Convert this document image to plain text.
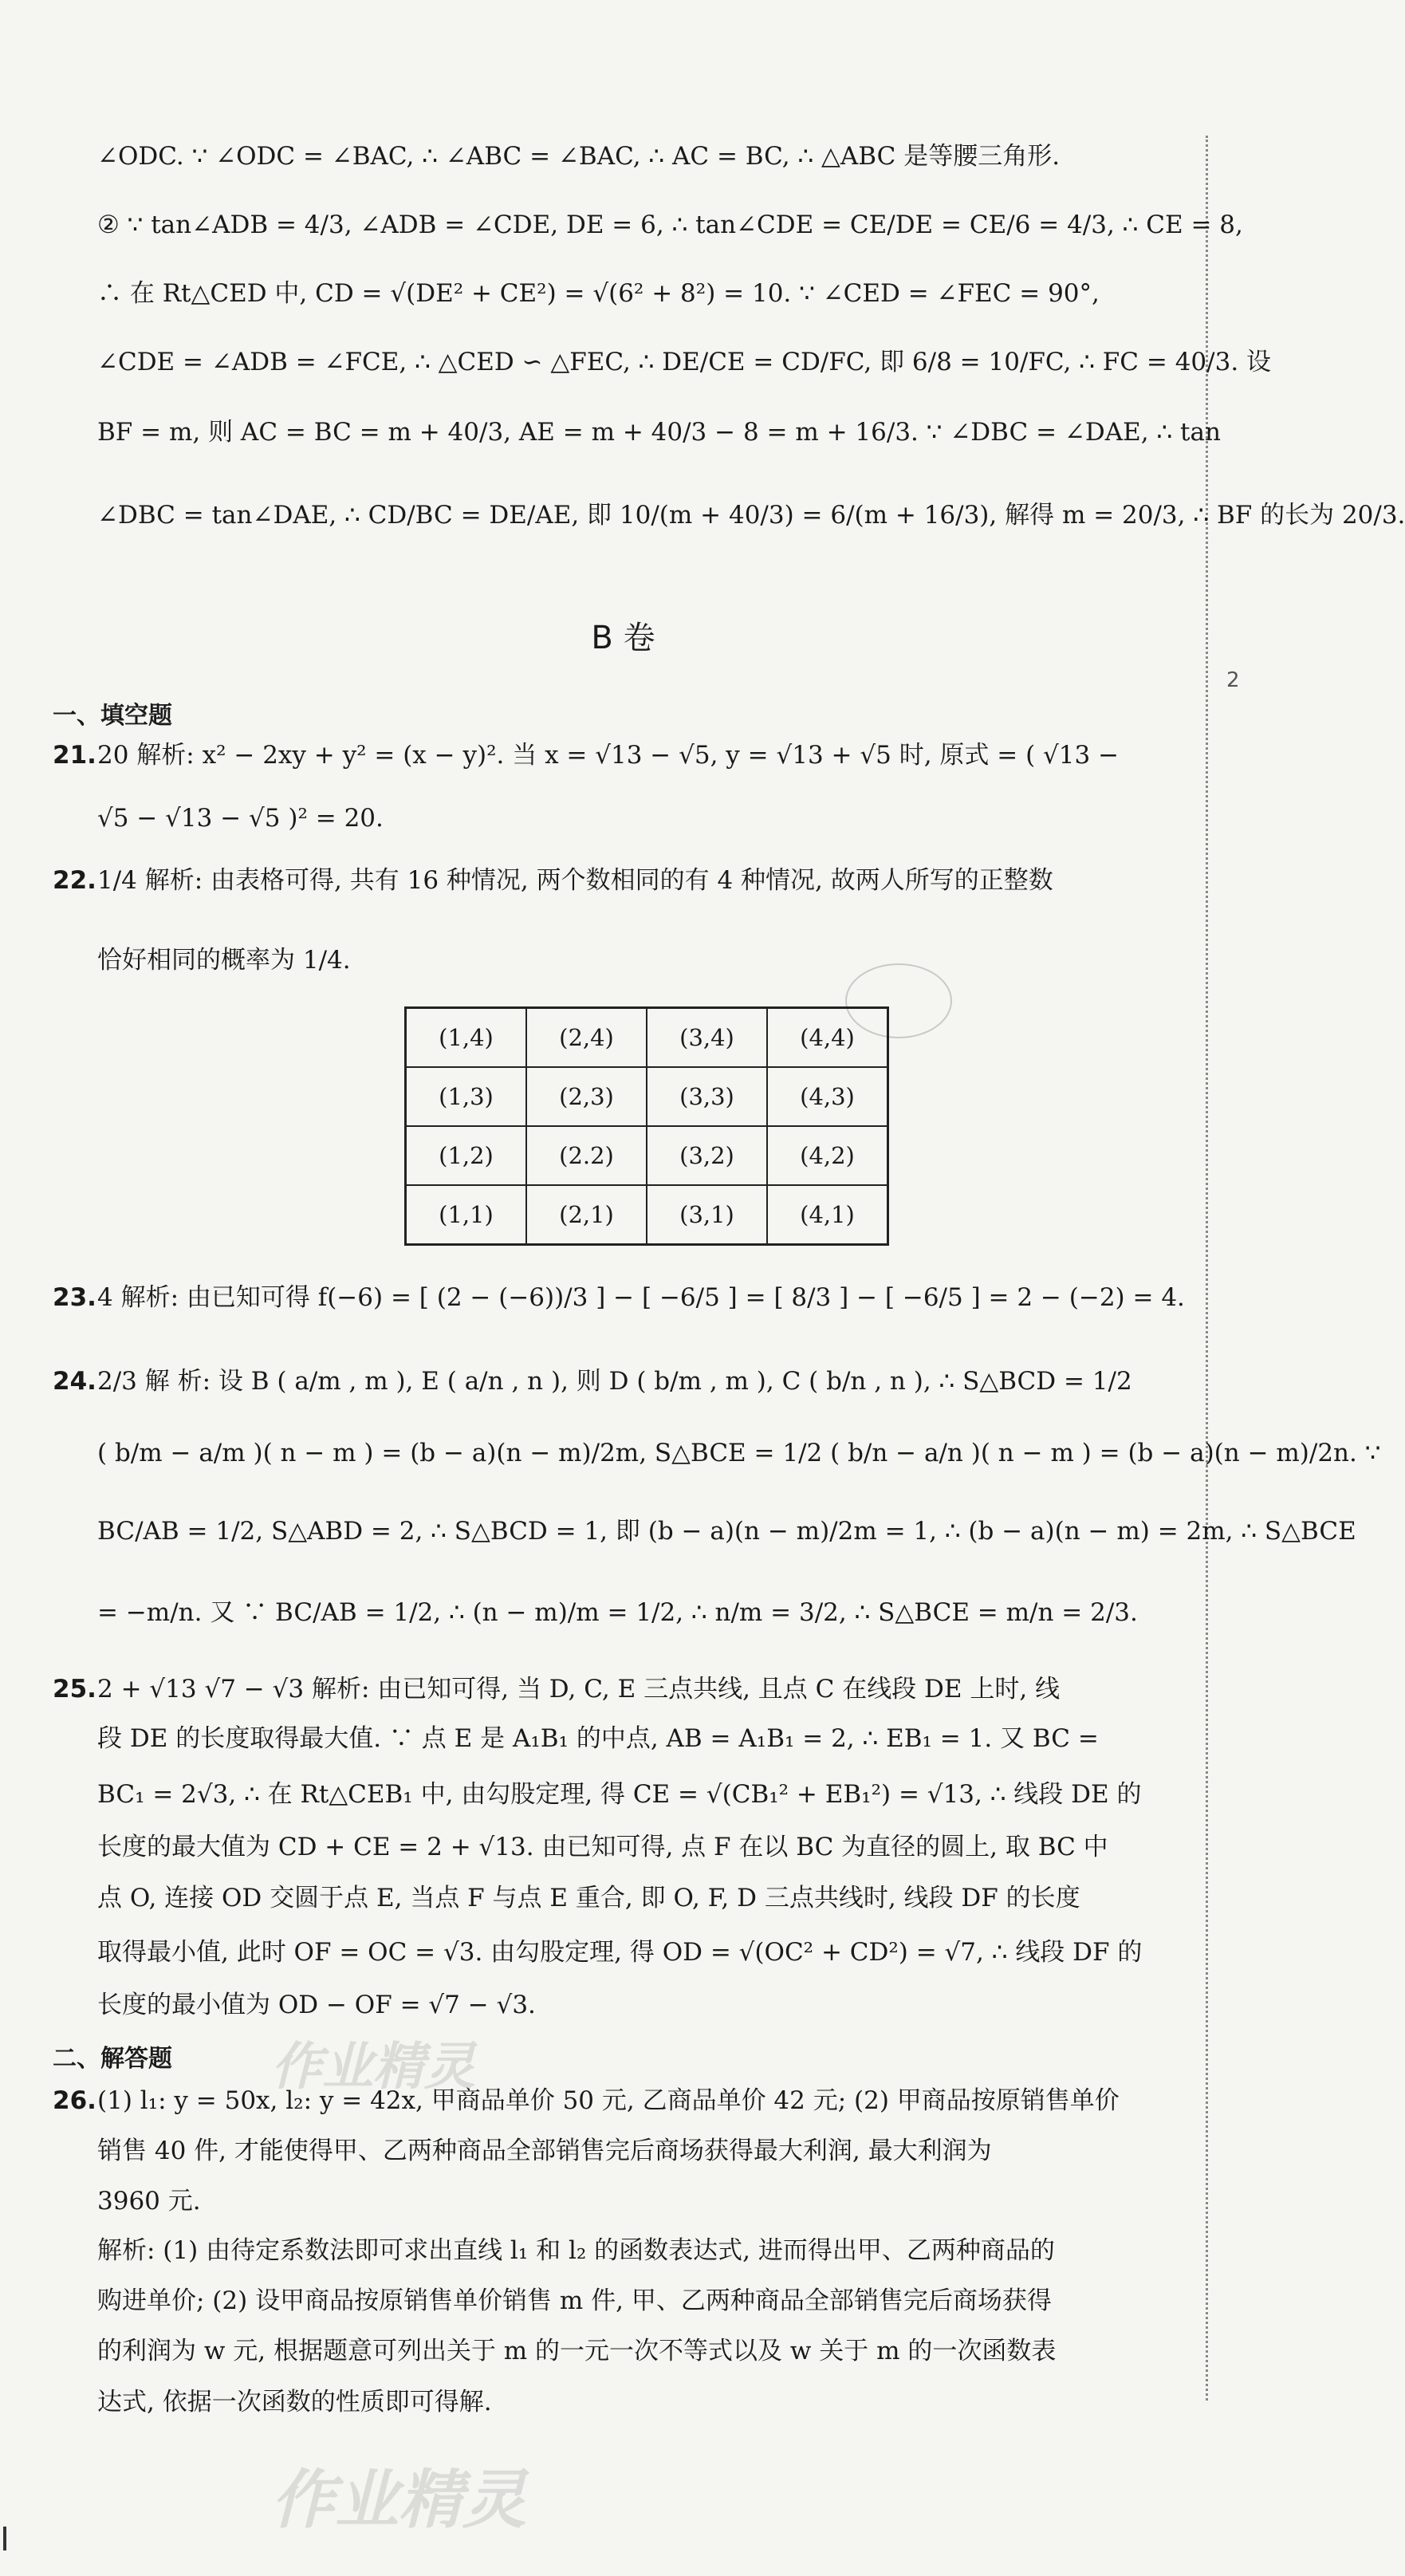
2
∠ODC. ∵ ∠ODC = ∠BAC, ∴ ∠ABC = ∠BAC, ∴ AC = BC, ∴ △ABC 是等腰三角形.
② ∵ tan∠ADB = 4/3, ∠ADB = ∠CDE, DE = 6, ∴ tan∠CDE = CE/DE = CE/6 = 4/3, ∴ CE = 8,
∴ 在 Rt△CED 中, CD = √(DE² + CE²) = √(6² + 8²) = 10. ∵ ∠CED = ∠FEC = 90°,
∠CDE = ∠ADB = ∠FCE, ∴ △CED ∽ △FEC, ∴ DE/CE = CD/FC, 即 6/8 = 10/FC, ∴ FC = 40/3. 设
BF = m, 则 AC = BC = m + 40/3, AE = m + 40/3 − 8 = m + 16/3. ∵ ∠DBC = ∠DAE, ∴ tan
∠DBC = tan∠DAE, ∴ CD/BC = DE/AE, 即 10/(m + 40/3) = 6/(m + 16/3), 解得 m = 20/3, ∴ BF 的长为 20/3.
B 卷
一、填空题
21. 20 解析: x² − 2xy + y² = (x − y)². 当 x = √13 − √5, y = √13 + √5 时, 原式 = ( √13 −
√5 − √13 − √5 )² = 20.
22. 1/4 解析: 由表格可得, 共有 16 种情况, 两个数相同的有 4 种情况, 故两人所写的正整数
恰好相同的概率为 1/4.
(1,4)	(2,4)	(3,4)	(4,4)
(1,3)	(2,3)	(3,3)	(4,3)
(1,2)	(2.2)	(3,2)	(4,2)
(1,1)	(2,1)	(3,1)	(4,1)
23. 4 解析: 由已知可得 f(−6) = [ (2 − (−6))/3 ] − [ −6/5 ] = [ 8/3 ] − [ −6/5 ] = 2 − (−2) = 4.
24. 2/3 解 析: 设 B ( a/m , m ), E ( a/n , n ), 则 D ( b/m , m ), C ( b/n , n ), ∴ S△BCD = 1/2
( b/m − a/m )( n − m ) = (b − a)(n − m)/2m, S△BCE = 1/2 ( b/n − a/n )( n − m ) = (b − a)(n − m)/2n. ∵
BC/AB = 1/2, S△ABD = 2, ∴ S△BCD = 1, 即 (b − a)(n − m)/2m = 1, ∴ (b − a)(n − m) = 2m, ∴ S△BCE
= −m/n. 又 ∵ BC/AB = 1/2, ∴ (n − m)/m = 1/2, ∴ n/m = 3/2, ∴ S△BCE = m/n = 2/3.
25. 2 + √13 √7 − √3 解析: 由已知可得, 当 D, C, E 三点共线, 且点 C 在线段 DE 上时, 线
段 DE 的长度取得最大值. ∵ 点 E 是 A₁B₁ 的中点, AB = A₁B₁ = 2, ∴ EB₁ = 1. 又 BC =
BC₁ = 2√3, ∴ 在 Rt△CEB₁ 中, 由勾股定理, 得 CE = √(CB₁² + EB₁²) = √13, ∴ 线段 DE 的
长度的最大值为 CD + CE = 2 + √13. 由已知可得, 点 F 在以 BC 为直径的圆上, 取 BC 中
点 O, 连接 OD 交圆于点 E, 当点 F 与点 E 重合, 即 O, F, D 三点共线时, 线段 DF 的长度
取得最小值, 此时 OF = OC = √3. 由勾股定理, 得 OD = √(OC² + CD²) = √7, ∴ 线段 DF 的
长度的最小值为 OD − OF = √7 − √3.
二、解答题
26. (1) l₁: y = 50x, l₂: y = 42x, 甲商品单价 50 元, 乙商品单价 42 元; (2) 甲商品按原销售单价
销售 40 件, 才能使得甲、乙两种商品全部销售完后商场获得最大利润, 最大利润为
3960 元.
解析: (1) 由待定系数法即可求出直线 l₁ 和 l₂ 的函数表达式, 进而得出甲、乙两种商品的
购进单价; (2) 设甲商品按原销售单价销售 m 件, 甲、乙两种商品全部销售完后商场获得
的利润为 w 元, 根据题意可列出关于 m 的一元一次不等式以及 w 关于 m 的一次函数表
达式, 依据一次函数的性质即可得解.
作业精灵
作业精灵
